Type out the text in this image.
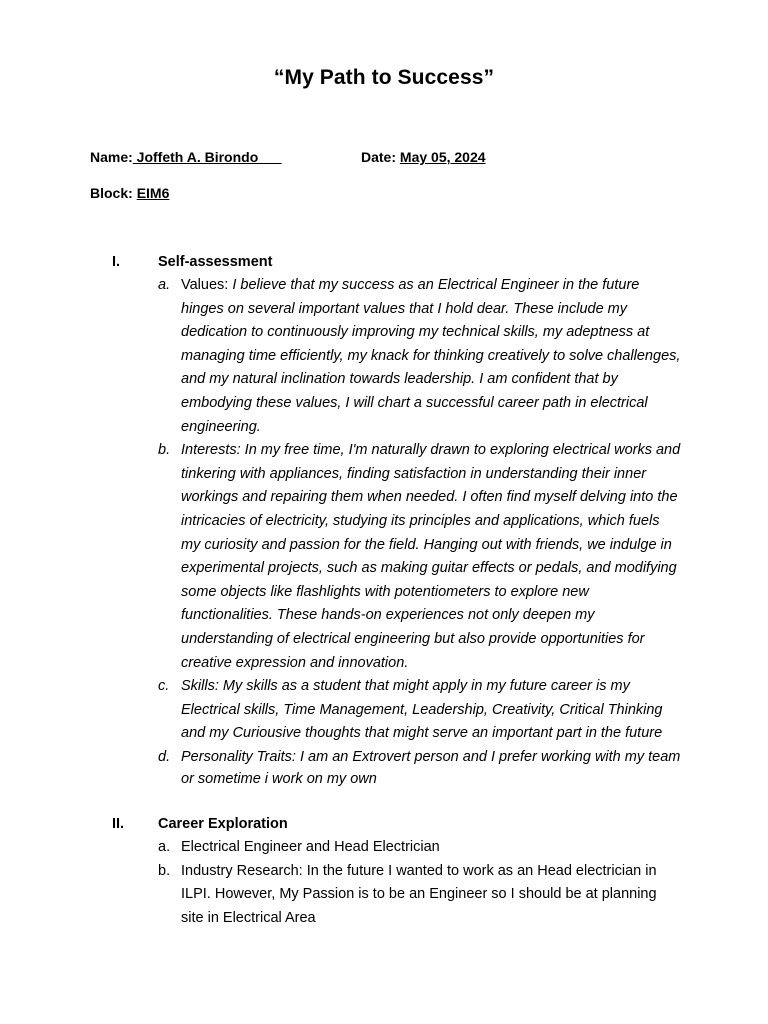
“My Path to Success”
Name: Joffeth A. Birondo	Date: May 05, 2024
Block: EIM6
I.	Self-assessment
a. Values: I believe that my success as an Electrical Engineer in the future hinges on several important values that I hold dear. These include my dedication to continuously improving my technical skills, my adeptness at managing time efficiently, my knack for thinking creatively to solve challenges, and my natural inclination towards leadership. I am confident that by embodying these values, I will chart a successful career path in electrical engineering.
b. Interests: In my free time, I'm naturally drawn to exploring electrical works and tinkering with appliances, finding satisfaction in understanding their inner workings and repairing them when needed. I often find myself delving into the intricacies of electricity, studying its principles and applications, which fuels my curiosity and passion for the field. Hanging out with friends, we indulge in experimental projects, such as making guitar effects or pedals, and modifying some objects like flashlights with potentiometers to explore new functionalities. These hands-on experiences not only deepen my understanding of electrical engineering but also provide opportunities for creative expression and innovation.
c. Skills: My skills as a student that might apply in my future career is my Electrical skills, Time Management, Leadership, Creativity, Critical Thinking and my Curiousive thoughts that might serve an important part in the future
d. Personality Traits: I am an Extrovert person and I prefer working with my team or sometime i work on my own
II. Career Exploration
a. Electrical Engineer and Head Electrician
b. Industry Research: In the future I wanted to work as an Head electrician in ILPI. However, My Passion is to be an Engineer so I should be at planning site in Electrical Area
